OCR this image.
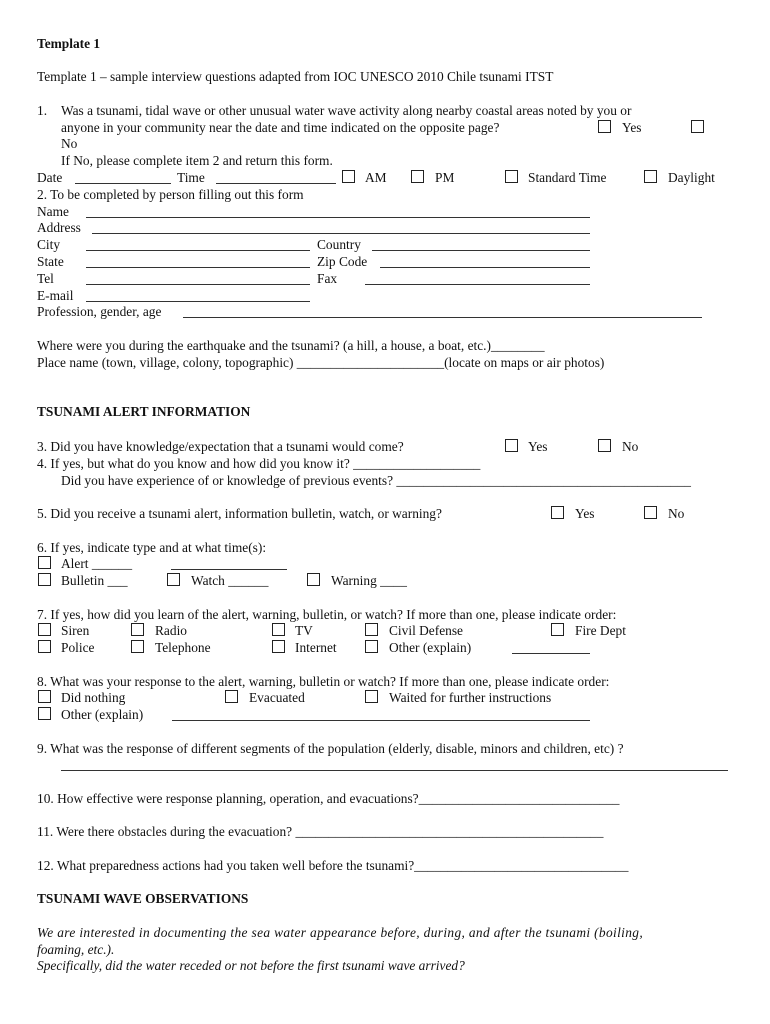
Template 1
Template 1 – sample interview questions adapted from IOC UNESCO 2010 Chile tsunami ITST
1. Was a tsunami, tidal wave or other unusual water wave activity along nearby coastal areas noted by you or
anyone in your community near the date and time indicated on the opposite page?	Yes
No
If No, please complete item 2 and return this form.
Date	Time	AM	PM	Standard Time	Daylight
2. To be completed by person filling out this form
Name
Address
City	Country
State	Zip Code
Tel	Fax
E-mail
Profession, gender, age
Where were you during the earthquake and the tsunami? (a hill, a house, a boat, etc.)________
Place name (town, village, colony, topographic) ______________________(locate on maps or air photos)
TSUNAMI ALERT INFORMATION
3. Did you have knowledge/expectation that a tsunami would come?	Yes	No
4. If yes, but what do you know and how did you know it? ___________________
Did you have experience of or knowledge of previous events? ____________________________________________
5. Did you receive a tsunami alert, information bulletin, watch, or warning?	Yes	No
6. If yes, indicate type and at what time(s):
Alert ______
Bulletin ___	Watch ______	Warning ____
7. If yes, how did you learn of the alert, warning, bulletin, or watch? If more than one, please indicate order:
Siren	Radio	TV	Civil Defense	Fire Dept
Police	Telephone	Internet	Other (explain)
8. What was your response to the alert, warning, bulletin or watch? If more than one, please indicate order:
Did nothing	Evacuated	Waited for further instructions
Other (explain)
9. What was the response of different segments of the population (elderly, disable, minors and children, etc) ?
10. How effective were response planning, operation, and evacuations?______________________________
11. Were there obstacles during the evacuation? ______________________________________________
12. What preparedness actions had you taken well before the tsunami?________________________________
TSUNAMI WAVE OBSERVATIONS
We are interested in documenting the sea water appearance before, during, and after the tsunami (boiling,
foaming, etc.).
Specifically, did the water receded or not before the first tsunami wave arrived?
